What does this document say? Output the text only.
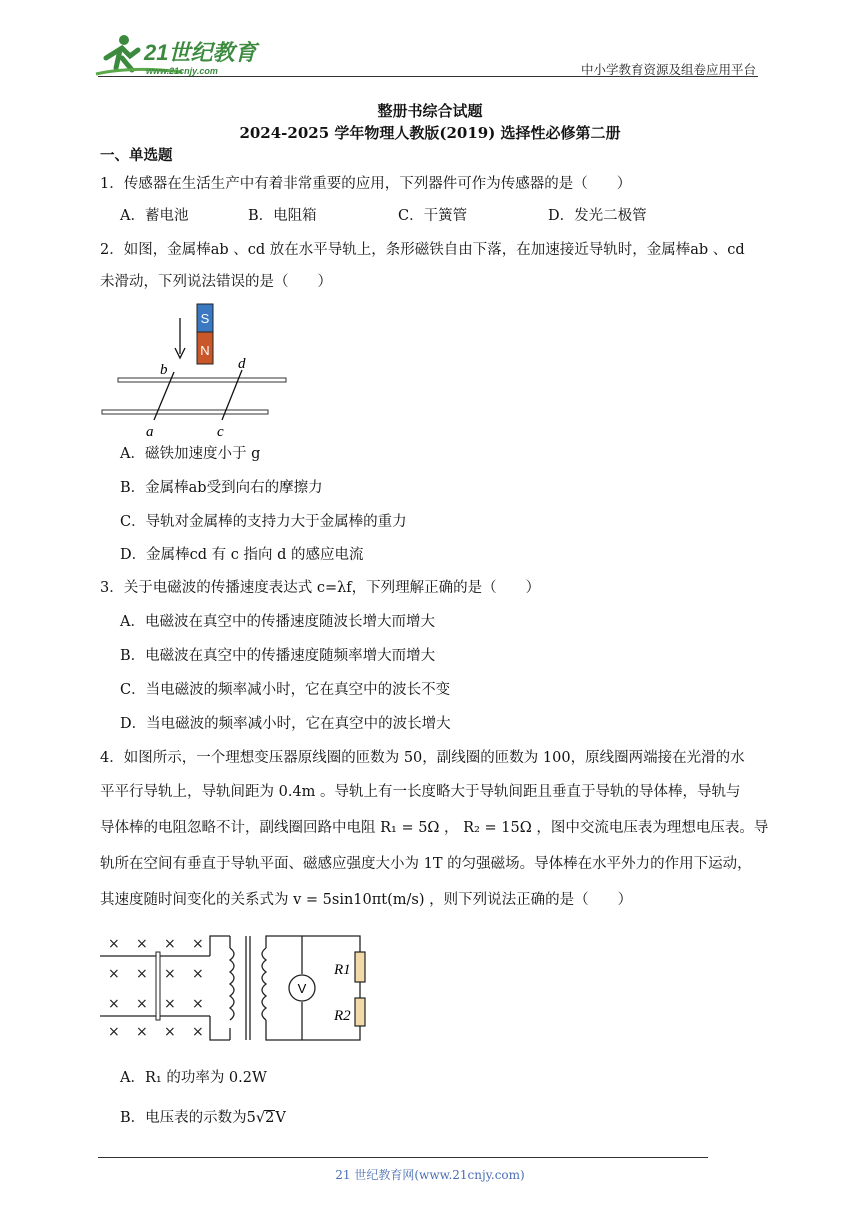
21世纪教育
www.21cnjy.com	中小学教育资源及组卷应用平台
整册书综合试题
2024-2025 学年物理人教版(2019) 选择性必修第二册
一、单选题
1．传感器在生活生产中有着非常重要的应用，下列器件可作为传感器的是（　　）
A．蓄电池	B．电阻箱	C．干簧管	D．发光二极管
2．如图，金属棒ab 、cd 放在水平导轨上，条形磁铁自由下落，在加速接近导轨时，金属棒ab 、cd
未滑动，下列说法错误的是（　　）
S
N
b	d
a	c
A．磁铁加速度小于 g
B．金属棒ab受到向右的摩擦力
C．导轨对金属棒的支持力大于金属棒的重力
D．金属棒cd 有 c 指向 d 的感应电流
3．关于电磁波的传播速度表达式 c=λf，下列理解正确的是（　　）
A．电磁波在真空中的传播速度随波长增大而增大
B．电磁波在真空中的传播速度随频率增大而增大
C．当电磁波的频率减小时，它在真空中的波长不变
D．当电磁波的频率减小时，它在真空中的波长增大
4．如图所示，一个理想变压器原线圈的匝数为 50，副线圈的匝数为 100，原线圈两端接在光滑的水
平平行导轨上，导轨间距为 0.4m 。导轨上有一长度略大于导轨间距且垂直于导轨的导体棒，导轨与
导体棒的电阻忽略不计，副线圈回路中电阻 R₁ = 5Ω ， R₂ = 15Ω ，图中交流电压表为理想电压表。导
轨所在空间有垂直于导轨平面、磁感应强度大小为 1T 的匀强磁场。导体棒在水平外力的作用下运动，
其速度随时间变化的关系式为 v = 5sin10πt(m/s) ，则下列说法正确的是（　　）
× × × ×
× × × ×
× × × ×
× × × ×
V
R1
R2
A．R₁ 的功率为 0.2W
B．电压表的示数为5√2V
21 世纪教育网(www.21cnjy.com)
